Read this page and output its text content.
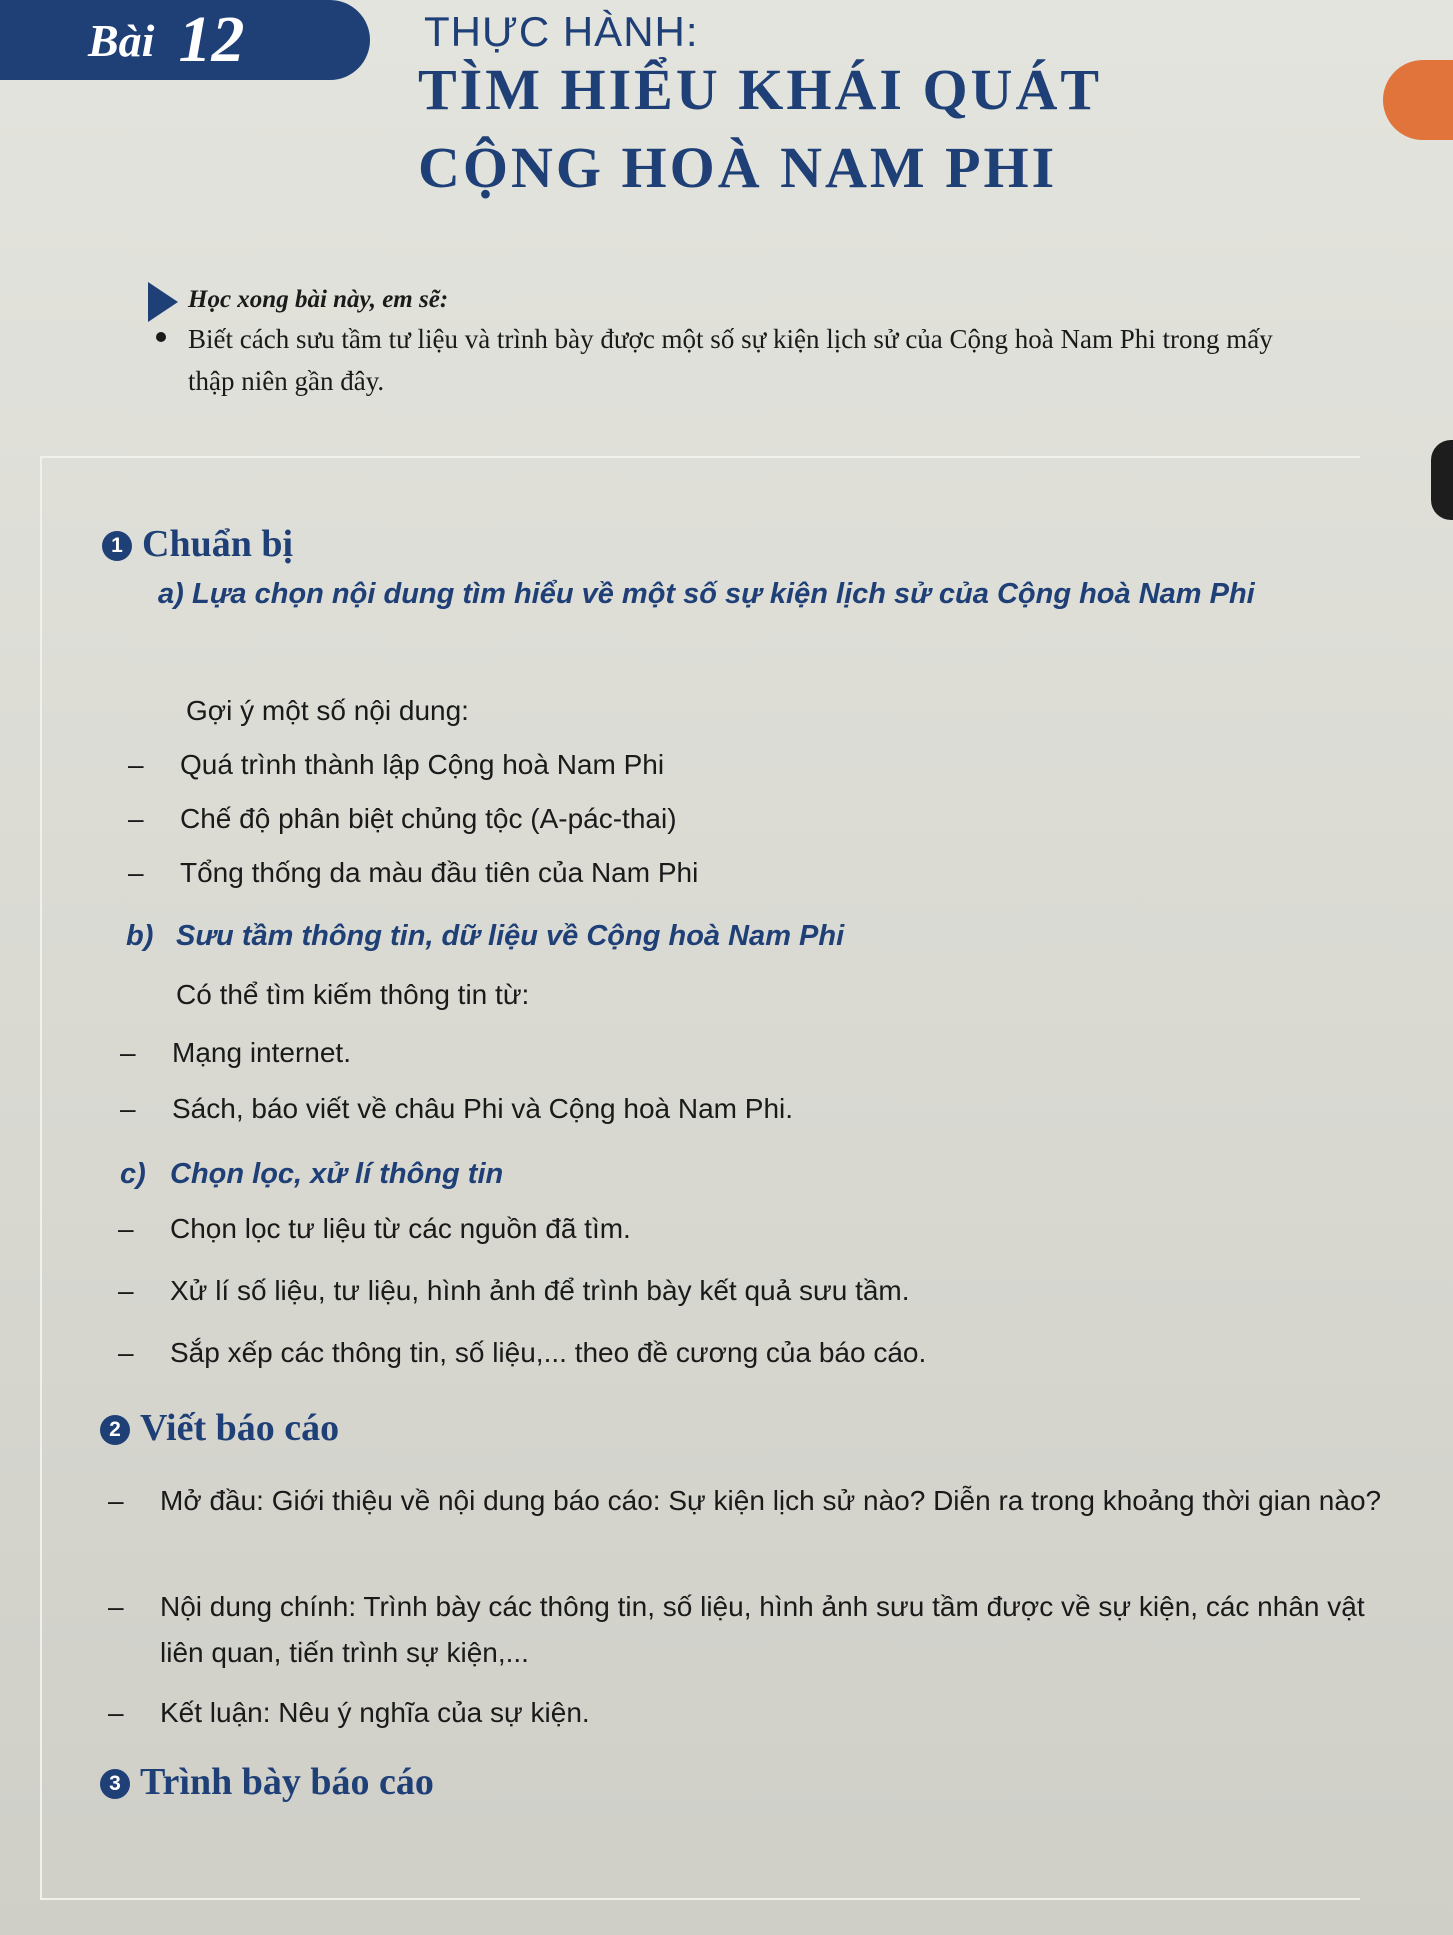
Bài 12	THỰC HÀNH:
TÌM HIỂU KHÁI QUÁT
CỘNG HOÀ NAM PHI
Học xong bài này, em sẽ:
Biết cách sưu tầm tư liệu và trình bày được một số sự kiện lịch sử của Cộng hoà Nam Phi trong mấy thập niên gần đây.
1 Chuẩn bị
a) Lựa chọn nội dung tìm hiểu về một số sự kiện lịch sử của Cộng hoà Nam Phi
Gợi ý một số nội dung:
– Quá trình thành lập Cộng hoà Nam Phi
– Chế độ phân biệt chủng tộc (A-pác-thai)
– Tổng thống da màu đầu tiên của Nam Phi
b) Sưu tầm thông tin, dữ liệu về Cộng hoà Nam Phi
Có thể tìm kiếm thông tin từ:
– Mạng internet.
– Sách, báo viết về châu Phi và Cộng hoà Nam Phi.
c) Chọn lọc, xử lí thông tin
– Chọn lọc tư liệu từ các nguồn đã tìm.
– Xử lí số liệu, tư liệu, hình ảnh để trình bày kết quả sưu tầm.
– Sắp xếp các thông tin, số liệu,... theo đề cương của báo cáo.
2 Viết báo cáo
– Mở đầu: Giới thiệu về nội dung báo cáo: Sự kiện lịch sử nào? Diễn ra trong khoảng thời gian nào?
– Nội dung chính: Trình bày các thông tin, số liệu, hình ảnh sưu tầm được về sự kiện, các nhân vật liên quan, tiến trình sự kiện,...
– Kết luận: Nêu ý nghĩa của sự kiện.
3 Trình bày báo cáo
